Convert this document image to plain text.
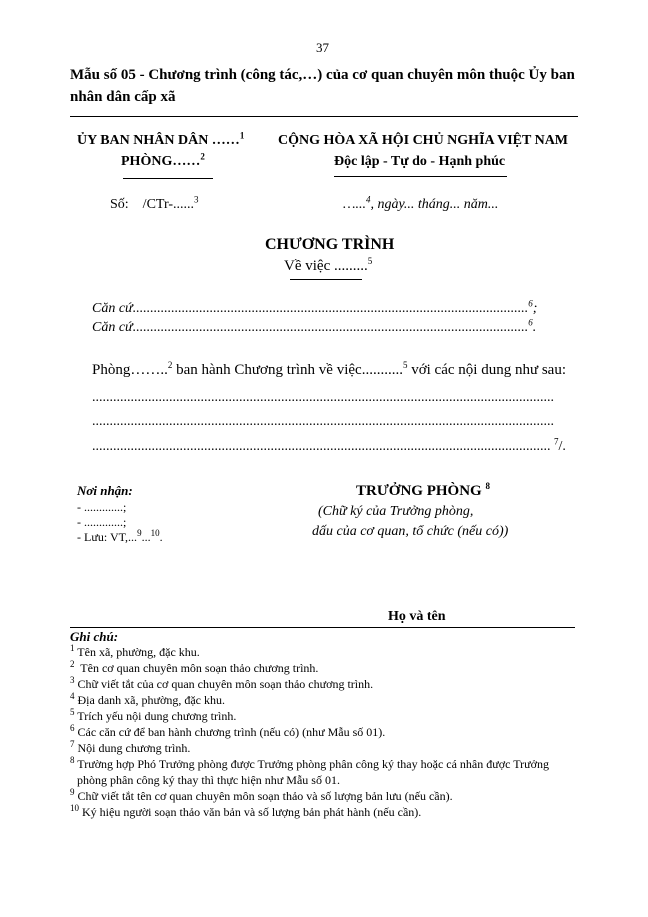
37
Mẫu số 05 - Chương trình (công tác,…) của cơ quan chuyên môn thuộc Ủy ban
nhân dân cấp xã
ỦY BAN NHÂN DÂN ……$^1$
PHÒNG……$^2$
CỘNG HÒA XÃ HỘI CHỦ NGHĨA VIỆT NAM
Độc lập - Tự do - Hạnh phúc
Số:    /CTr-......$^3$	…...$^4$, ngày... tháng... năm...
CHƯƠNG TRÌNH
Về việc .........$^5$
Căn cứ.................................................................................................................$^6$;
Căn cứ.................................................................................................................$^6$.
Phòng……..$^2$ ban hành Chương trình về việc...........$^5$ với các nội dung như sau:
....................................................................................................................................
....................................................................................................................................
................................................................................................................................... $^7$/.
Nơi nhận:
- .............;
- .............;
- Lưu: VT,...$^9$...$^{10}$.
TRƯỞNG PHÒNG $^8$
(Chữ ký của Trưởng phòng,
dấu của cơ quan, tổ chức (nếu có))
Họ và tên
Ghi chú:
$^1$ Tên xã, phường, đặc khu.
$^2$  Tên cơ quan chuyên môn soạn thảo chương trình.
$^3$ Chữ viết tắt của cơ quan chuyên môn soạn thảo chương trình.
$^4$ Địa danh xã, phường, đặc khu.
$^5$ Trích yếu nội dung chương trình.
$^6$ Các căn cứ để ban hành chương trình (nếu có) (như Mẫu số 01).
$^7$ Nội dung chương trình.
$^8$ Trường hợp Phó Trưởng phòng được Trưởng phòng phân công ký thay hoặc cá nhân được Trưởng
phòng phân công ký thay thì thực hiện như Mẫu số 01.
$^9$ Chữ viết tắt tên cơ quan chuyên môn soạn thảo và số lượng bản lưu (nếu cần).
$^{10}$ Ký hiệu người soạn thảo văn bản và số lượng bản phát hành (nếu cần).
